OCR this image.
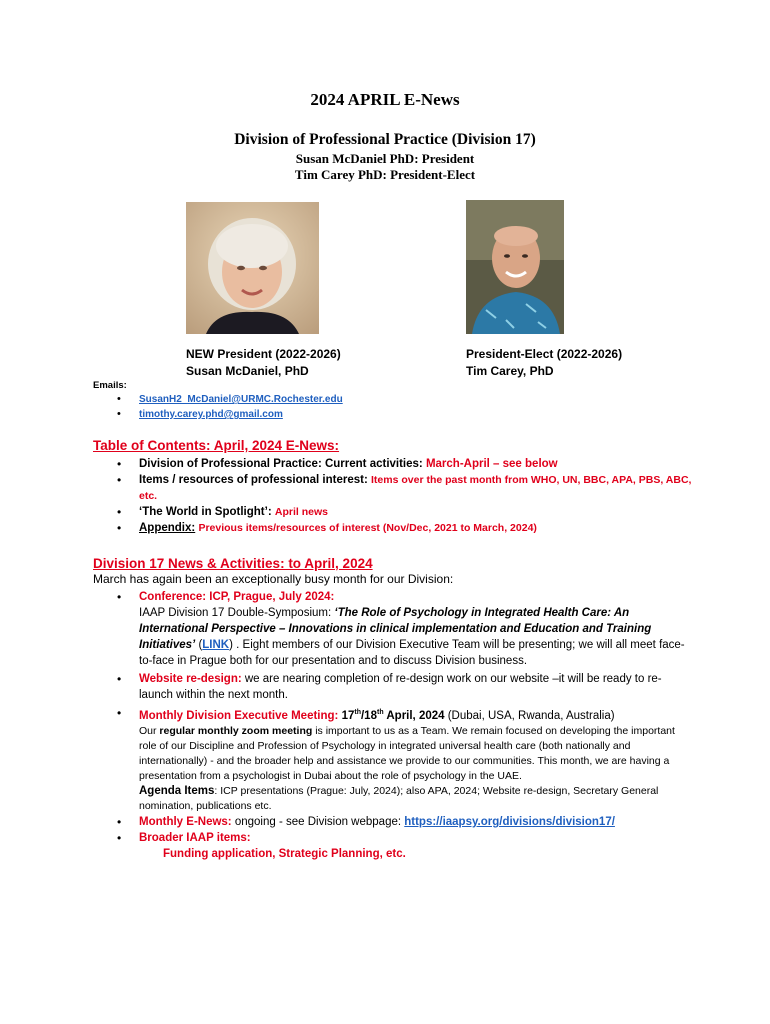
2024 APRIL E-News
Division of Professional Practice (Division 17)
Susan McDaniel PhD: President
Tim Carey PhD: President-Elect
NEW President (2022-2026)
Susan McDaniel, PhD
President-Elect (2022-2026)
Tim Carey, PhD
Emails:
• SusanH2_McDaniel@URMC.Rochester.edu
• timothy.carey.phd@gmail.com
Table of Contents: April, 2024 E-News:
• Division of Professional Practice: Current activities: March-April – see below
• Items / resources of professional interest: Items over the past month from WHO, UN, BBC, APA, PBS, ABC, etc.
• ‘The World in Spotlight’: April news
• Appendix: Previous items/resources of interest (Nov/Dec, 2021 to March, 2024)
Division 17 News & Activities: to April, 2024
March has again been an exceptionally busy month for our Division:
• Conference: ICP, Prague, July 2024:
IAAP Division 17 Double-Symposium: ‘The Role of Psychology in Integrated Health Care: An International Perspective – Innovations in clinical implementation and Education and Training Initiatives’ (LINK) . Eight members of our Division Executive Team will be presenting; we will all meet face-to-face in Prague both for our presentation and to discuss Division business.
• Website re-design: we are nearing completion of re-design work on our website –it will be ready to re-launch within the next month.
• Monthly Division Executive Meeting: 17th/18th April, 2024 (Dubai, USA, Rwanda, Australia)
Our regular monthly zoom meeting is important to us as a Team. We remain focused on developing the important role of our Discipline and Profession of Psychology in integrated universal health care (both nationally and internationally) - and the broader help and assistance we provide to our communities. This month, we are having a presentation from a psychologist in Dubai about the role of psychology in the UAE.
Agenda Items: ICP presentations (Prague: July, 2024); also APA, 2024; Website re-design, Secretary General nomination, publications etc.
• Monthly E-News: ongoing - see Division webpage: https://iaapsy.org/divisions/division17/
• Broader IAAP items:
Funding application, Strategic Planning, etc.
